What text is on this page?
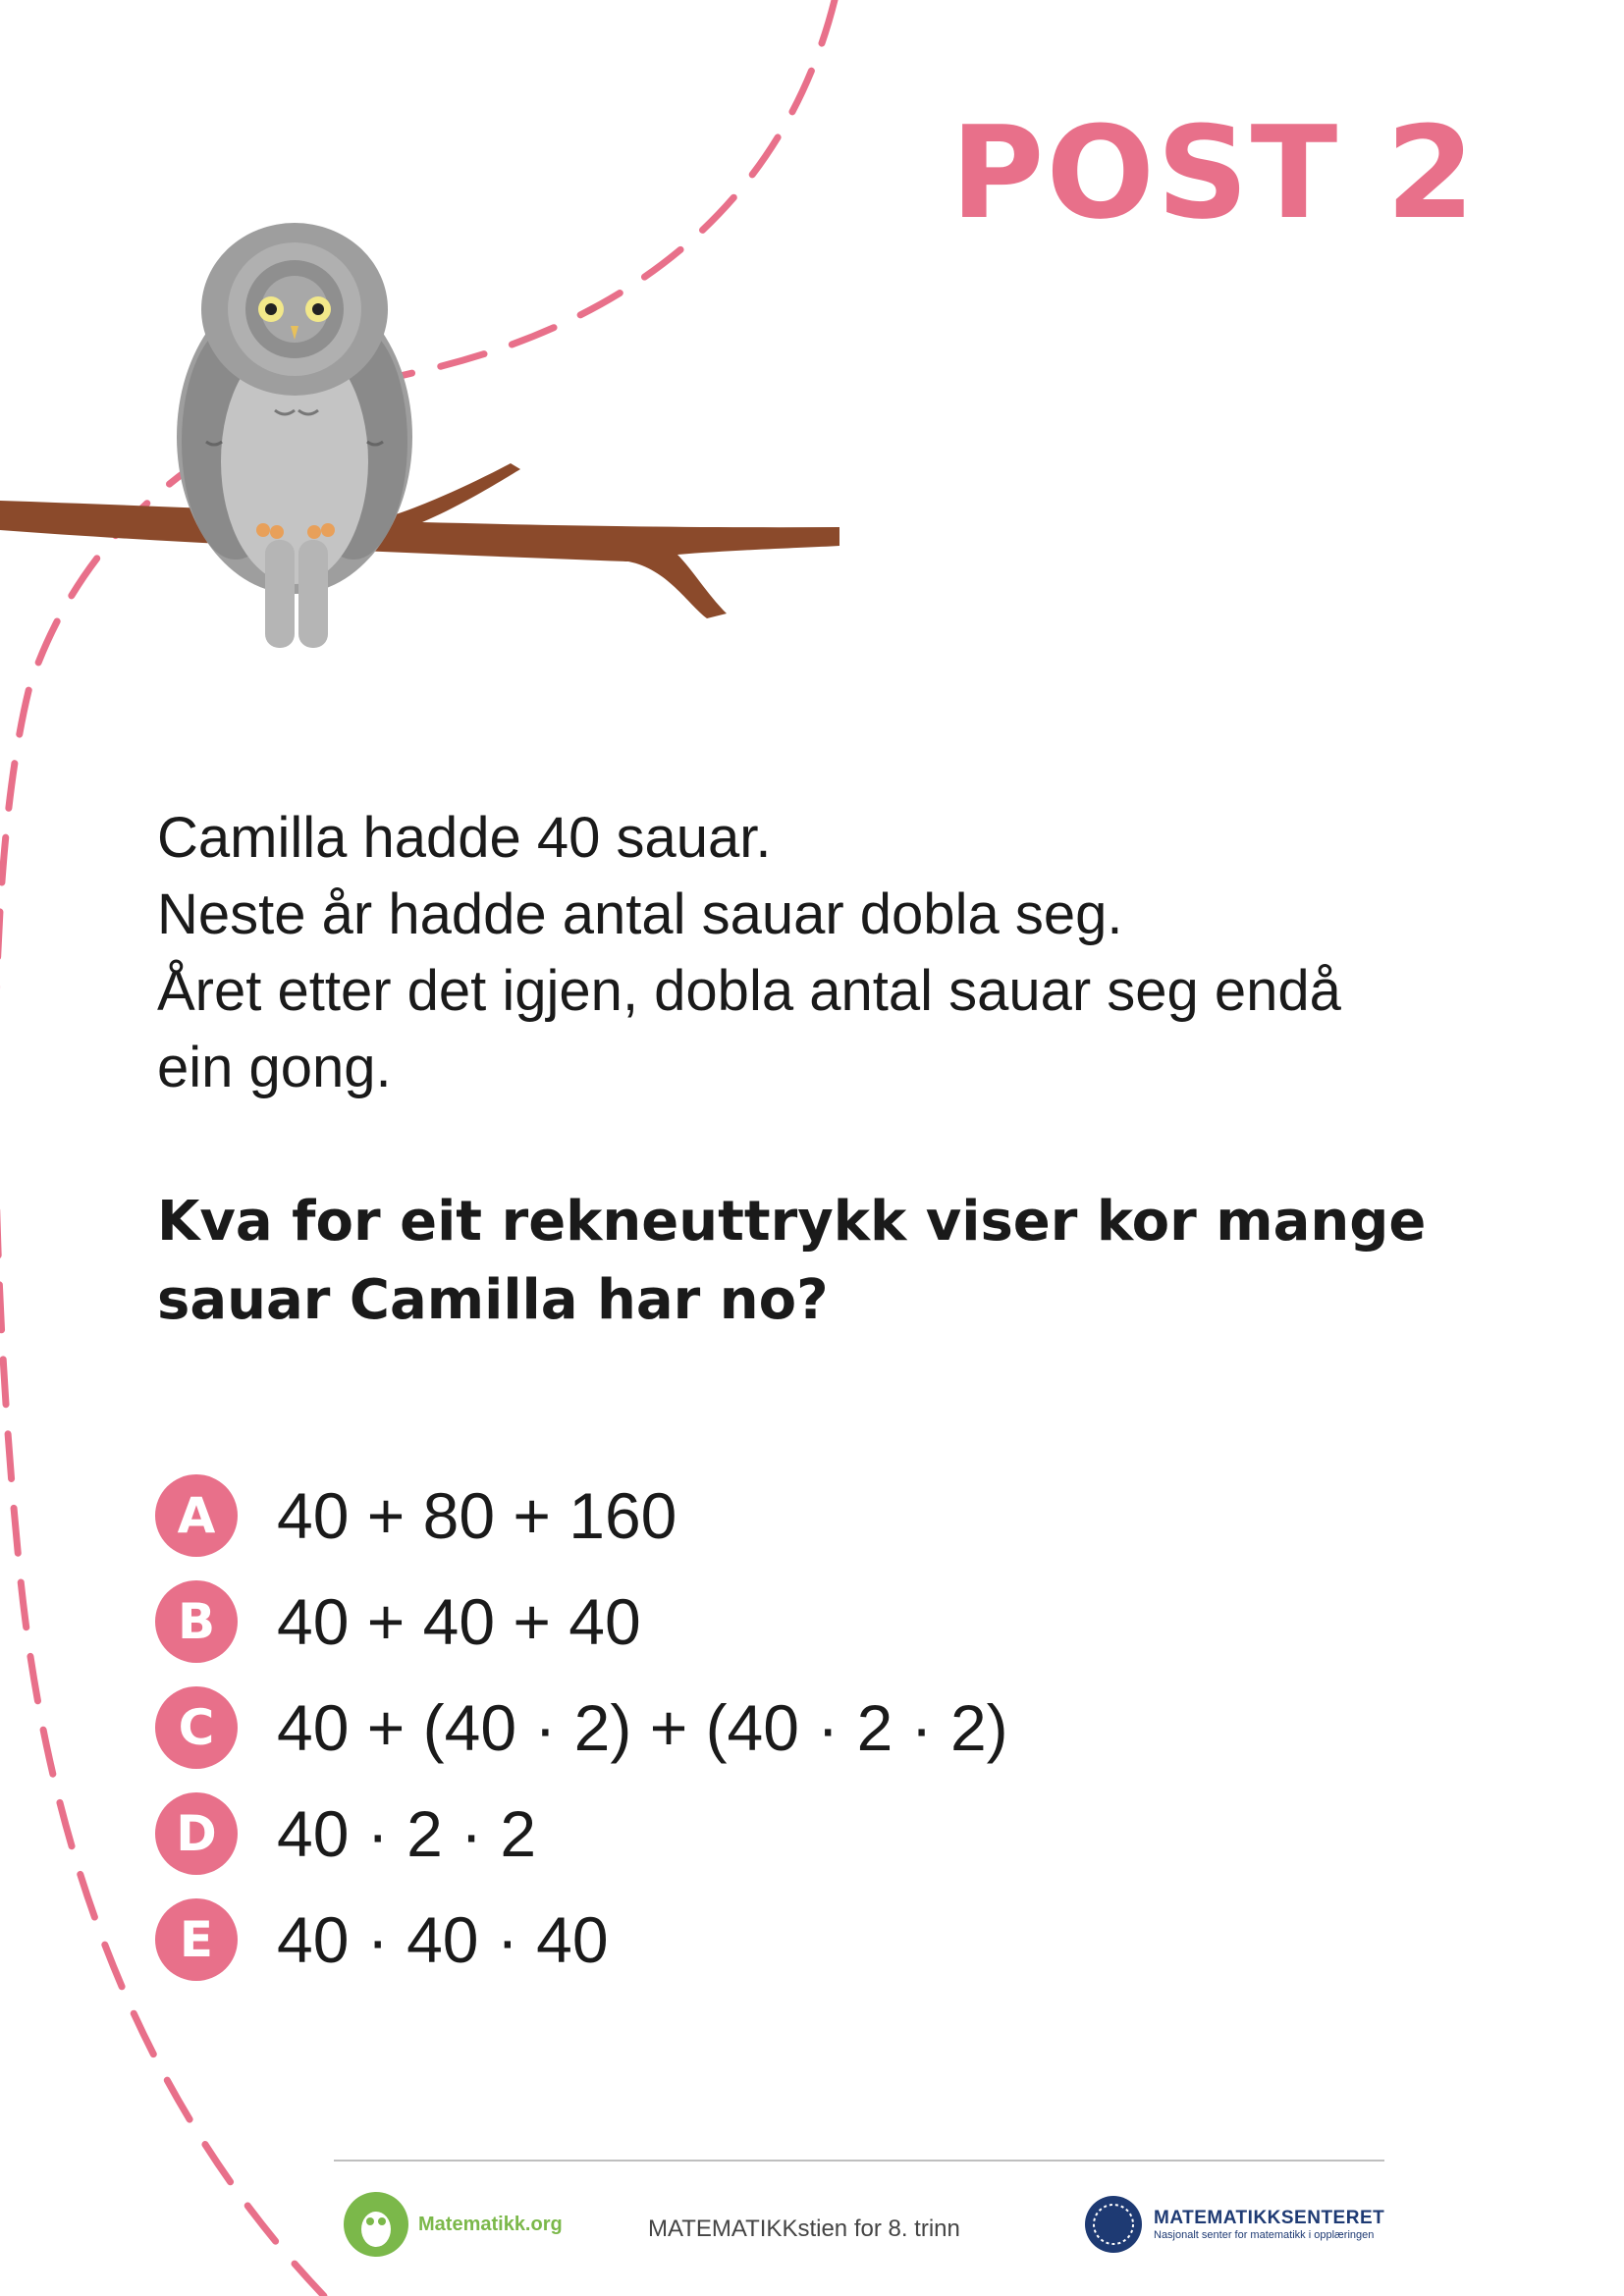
POST 2
Camilla hadde 40 sauar.
Neste år hadde antal sauar dobla seg.
Året etter det igjen, dobla antal sauar seg endå
ein gong.
Kva for eit rekneuttrykk viser kor mange
sauar Camilla har no?
A 40 + 80 + 160
B 40 + 40 + 40
C 40 + (40 · 2) + (40 · 2 · 2)
D 40 · 2 · 2
E 40 · 40 · 40
Matematikk.org	MATEMATIKKstien for 8. trinn	MATEMATIKKSENTERET
Nasjonalt senter for matematikk i opplæringen
